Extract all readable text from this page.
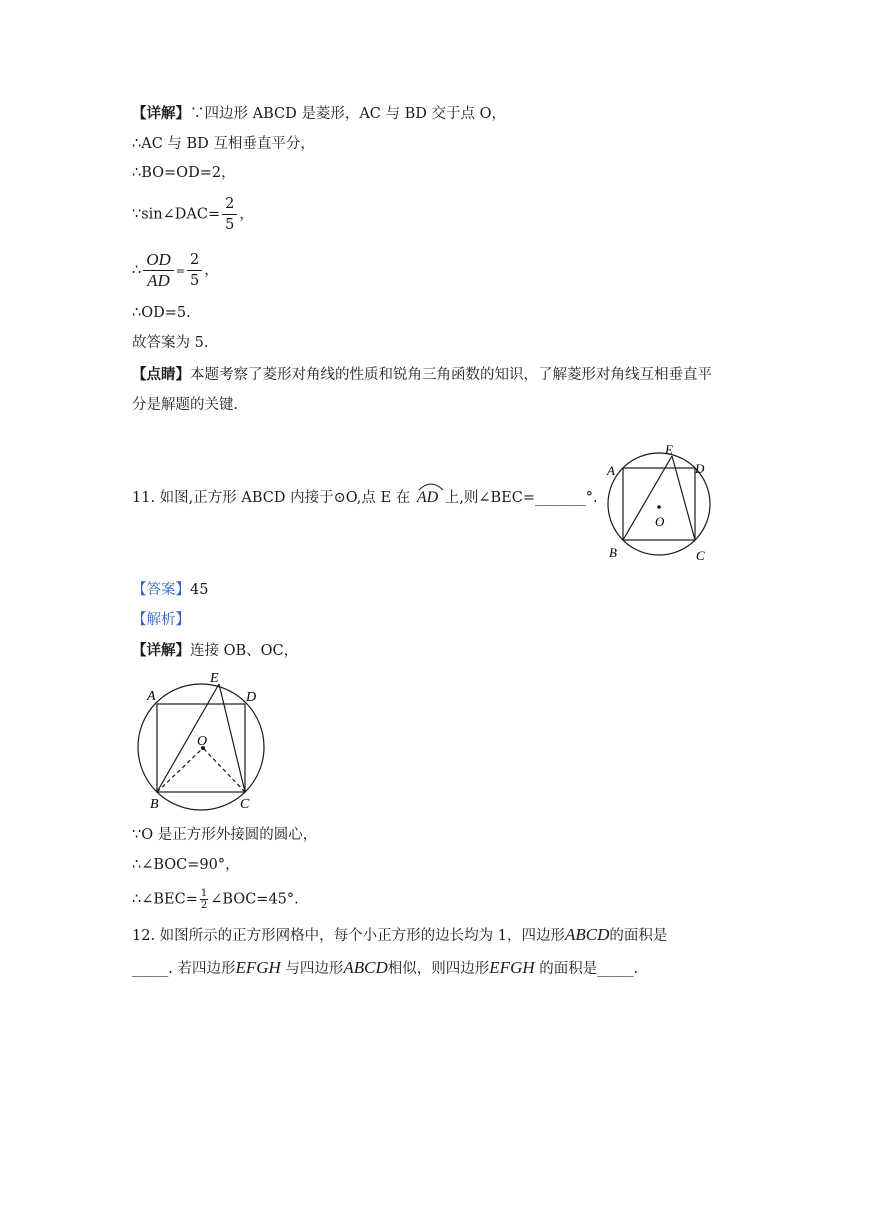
【详解】∵四边形 ABCD 是菱形，AC 与 BD 交于点 O，
∴AC 与 BD 互相垂直平分，
∴BO=OD=2，
∵sin∠DAC= $\frac{2}{5}$ ，
∴ $\frac{OD}{AD} = \frac{2}{5}$ ，
∴OD=5.
故答案为 5.
【点睛】本题考察了菱形对角线的性质和锐角三角函数的知识，了解菱形对角线互相垂直平
分是解题的关键.
11. 如图,正方形 ABCD 内接于⊙O,点 E 在 AD 上,则∠BEC=_______°.
A
E
D
O
B	C
【答案】45
【解析】
【详解】连接 OB、OC，
A
E
D
O
B	C
∵O 是正方形外接圆的圆心，
∴∠BOC=90°，
∴∠BEC= $\frac{1}{2}$ ∠BOC=45°.
12. 如图所示的正方形网格中，每个小正方形的边长均为 1，四边形ABCD的面积是
_____. 若四边形EFGH 与四边形ABCD相似，则四边形EFGH 的面积是_____.
